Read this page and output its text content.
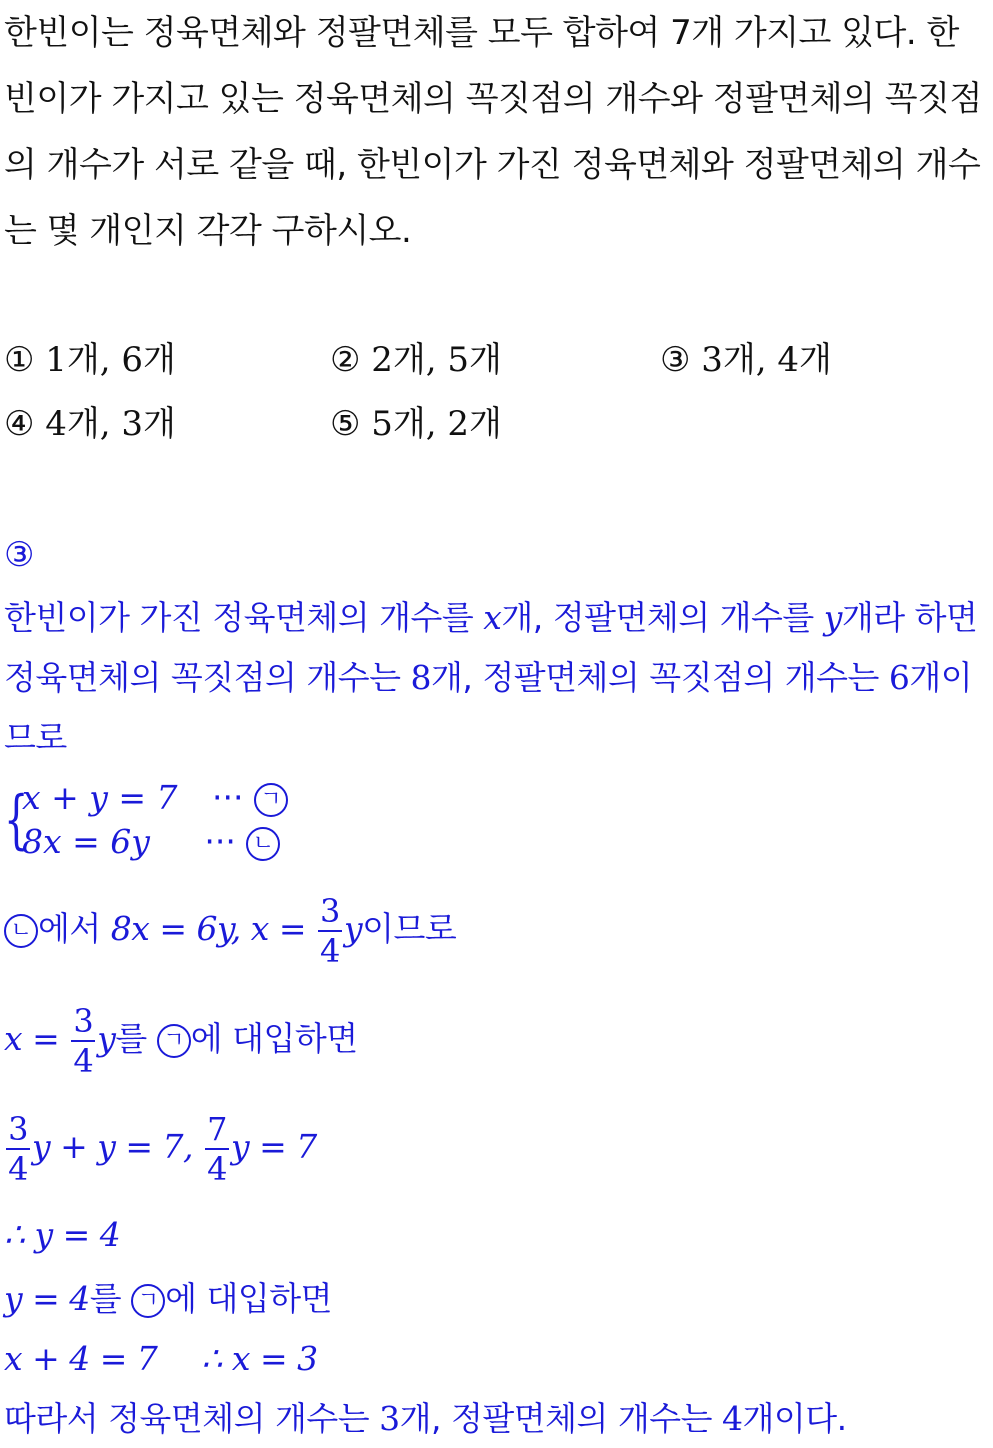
한빈이는 정육면체와 정팔면체를 모두 합하여 7개 가지고 있다. 한빈이가 가지고 있는 정육면체의 꼭짓점의 개수와 정팔면체의 꼭짓점의 개수가 서로 같을 때, 한빈이가 가진 정육면체와 정팔면체의 개수는 몇 개인지 각각 구하시오.
① 1개, 6개	② 2개, 5개	③ 3개, 4개
④ 4개, 3개	⑤ 5개, 2개
③
한빈이가 가진 정육면체의 개수를 x개, 정팔면체의 개수를 y개라 하면 정육면체의 꼭짓점의 개수는 8개, 정팔면체의 꼭짓점의 개수는 6개이므로
{
x + y = 7 ··· ㄱ
8x = 6y ··· ㄴ
ㄴ 에서 8x = 6y, $x = \frac{3}{4}$ y이므로
$x = \frac{3}{4}$ y를 ㄱ 에 대입하면
$\frac{3}{4}$ y + y = 7, $\frac{7}{4}$ y = 7
∴ y = 4
y = 4를 ㄱ 에 대입하면
x + 4 = 7 ∴ x = 3
따라서 정육면체의 개수는 3개, 정팔면체의 개수는 4개이다.
